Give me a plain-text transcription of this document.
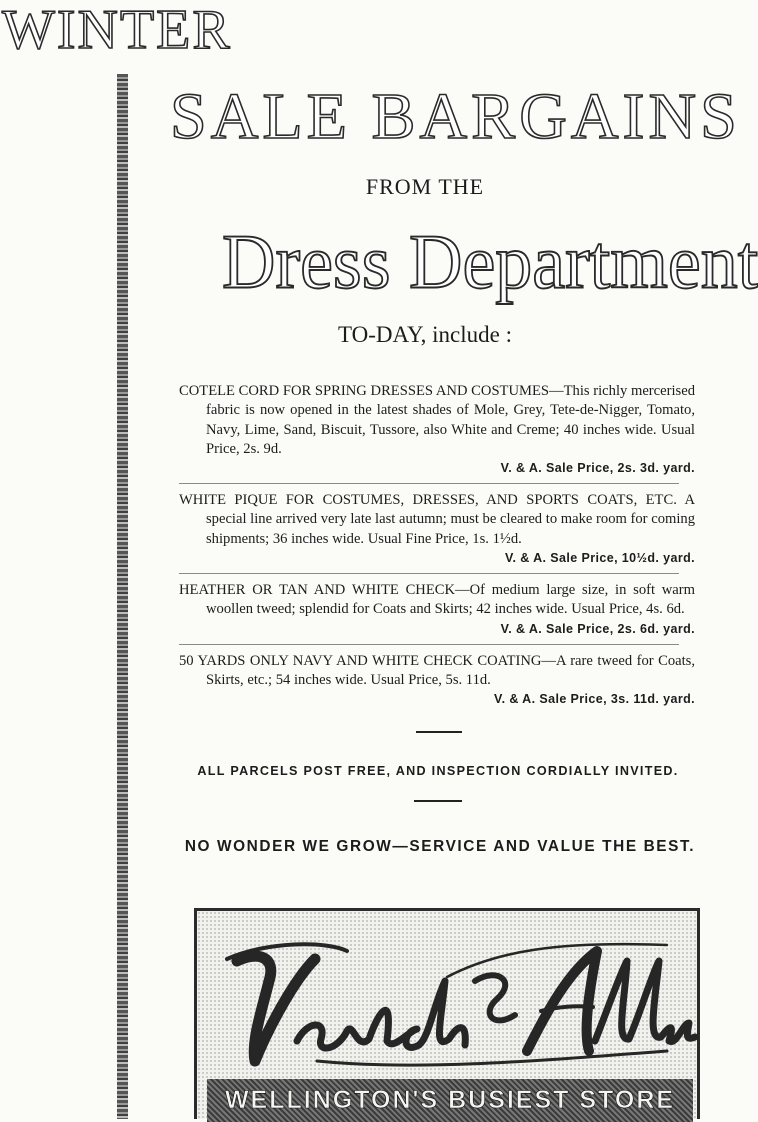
WINTER
SALE BARGAINS
FROM THE
Dress Department
TO-DAY, include :
COTELE CORD FOR SPRING DRESSES AND COSTUMES—This richly mercerised fabric is now opened in the latest shades of Mole, Grey, Tete-de-Nigger, Tomato, Navy, Lime, Sand, Biscuit, Tussore, also White and Creme; 40 inches wide. Usual Price, 2s. 9d.
V. & A. Sale Price, 2s. 3d. yard.
WHITE PIQUE FOR COSTUMES, DRESSES, AND SPORTS COATS, ETC. A special line arrived very late last autumn; must be cleared to make room for coming shipments; 36 inches wide. Usual Fine Price, 1s. 1½d.
V. & A. Sale Price, 10½d. yard.
HEATHER OR TAN AND WHITE CHECK—Of medium large size, in soft warm woollen tweed; splendid for Coats and Skirts; 42 inches wide. Usual Price, 4s. 6d.
V. & A. Sale Price, 2s. 6d. yard.
50 YARDS ONLY NAVY AND WHITE CHECK COATING—A rare tweed for Coats, Skirts, etc.; 54 inches wide. Usual Price, 5s. 11d.
V. & A. Sale Price, 3s. 11d. yard.
ALL PARCELS POST FREE, AND INSPECTION CORDIALLY INVITED.
NO WONDER WE GROW—SERVICE AND VALUE THE BEST.
WELLINGTON'S BUSIEST STORE
